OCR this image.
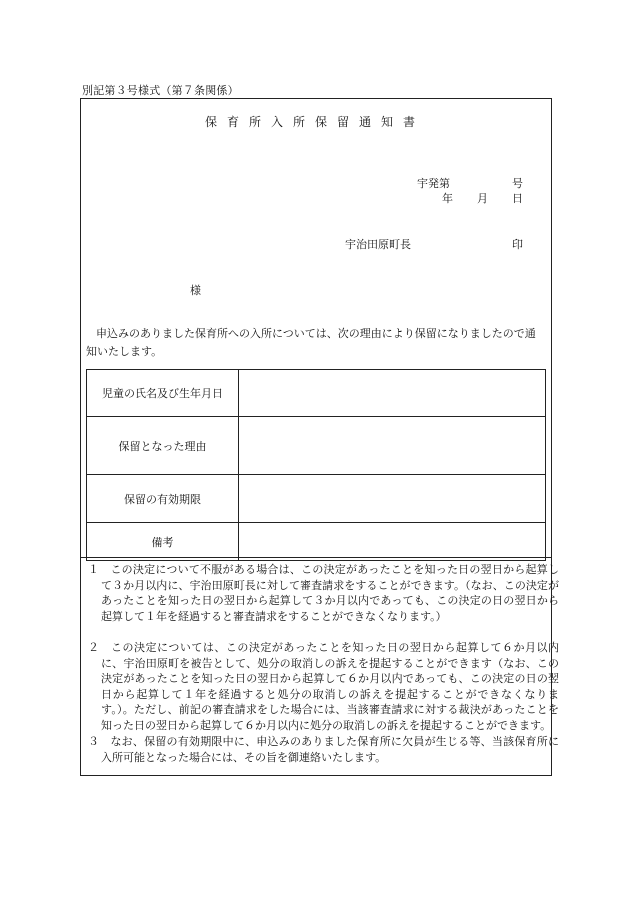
別記第３号様式（第７条関係）
保育所入所保留通知書
宇発第	号
年 月 日
宇治田原町長	印
様
申込みのありました保育所への入所については、次の理由により保留になりましたので通知いたします。
児童の氏名及び生年月日	
保留となった理由	
保留の有効期限	
備考	
１　この決定について不服がある場合は、この決定があったことを知った日の翌日から起算して３か月以内に、宇治田原町長に対して審査請求をすることができます。（なお、この決定があったことを知った日の翌日から起算して３か月以内であっても、この決定の日の翌日から起算して１年を経過すると審査請求をすることができなくなります。）
２　この決定については、この決定があったことを知った日の翌日から起算して６か月以内に、宇治田原町を被告として、処分の取消しの訴えを提起することができます（なお、この決定があったことを知った日の翌日から起算して６か月以内であっても、この決定の日の翌日から起算して１年を経過すると処分の取消しの訴えを提起することができなくなります。）。ただし、前記の審査請求をした場合には、当該審査請求に対する裁決があったことを知った日の翌日から起算して６か月以内に処分の取消しの訴えを提起することができます。
３　なお、保留の有効期限中に、申込みのありました保育所に欠員が生じる等、当該保育所に入所可能となった場合には、その旨を御連絡いたします。
